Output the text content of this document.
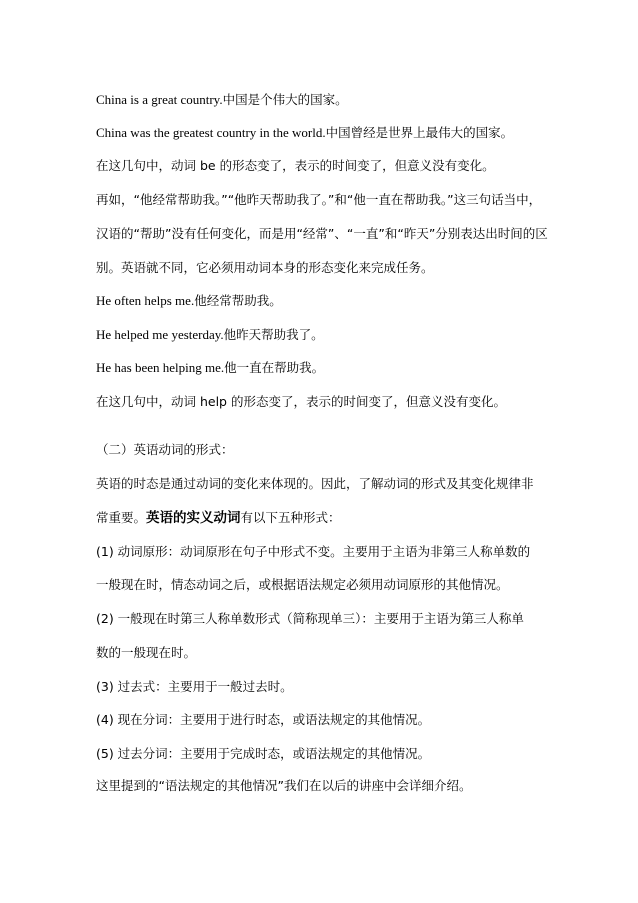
China is a great country.中国是个伟大的国家。
China was the greatest country in the world.中国曾经是世界上最伟大的国家。
在这几句中，动词 be 的形态变了，表示的时间变了，但意义没有变化。
再如，“他经常帮助我。”“他昨天帮助我了。”和“他一直在帮助我。”这三句话当中，
汉语的“帮助”没有任何变化，而是用“经常”、“一直”和“昨天”分别表达出时间的区
别。英语就不同，它必须用动词本身的形态变化来完成任务。
He often helps me.他经常帮助我。
He helped me yesterday.他昨天帮助我了。
He has been helping me.他一直在帮助我。
在这几句中，动词 help 的形态变了，表示的时间变了，但意义没有变化。
（二）英语动词的形式：
英语的时态是通过动词的变化来体现的。因此，了解动词的形式及其变化规律非
常重要。英语的实义动词有以下五种形式：
(1) 动词原形：动词原形在句子中形式不变。主要用于主语为非第三人称单数的
一般现在时，情态动词之后，或根据语法规定必须用动词原形的其他情况。
(2) 一般现在时第三人称单数形式（简称现单三）：主要用于主语为第三人称单
数的一般现在时。
(3) 过去式：主要用于一般过去时。
(4) 现在分词：主要用于进行时态，或语法规定的其他情况。
(5) 过去分词：主要用于完成时态，或语法规定的其他情况。
这里提到的“语法规定的其他情况”我们在以后的讲座中会详细介绍。
